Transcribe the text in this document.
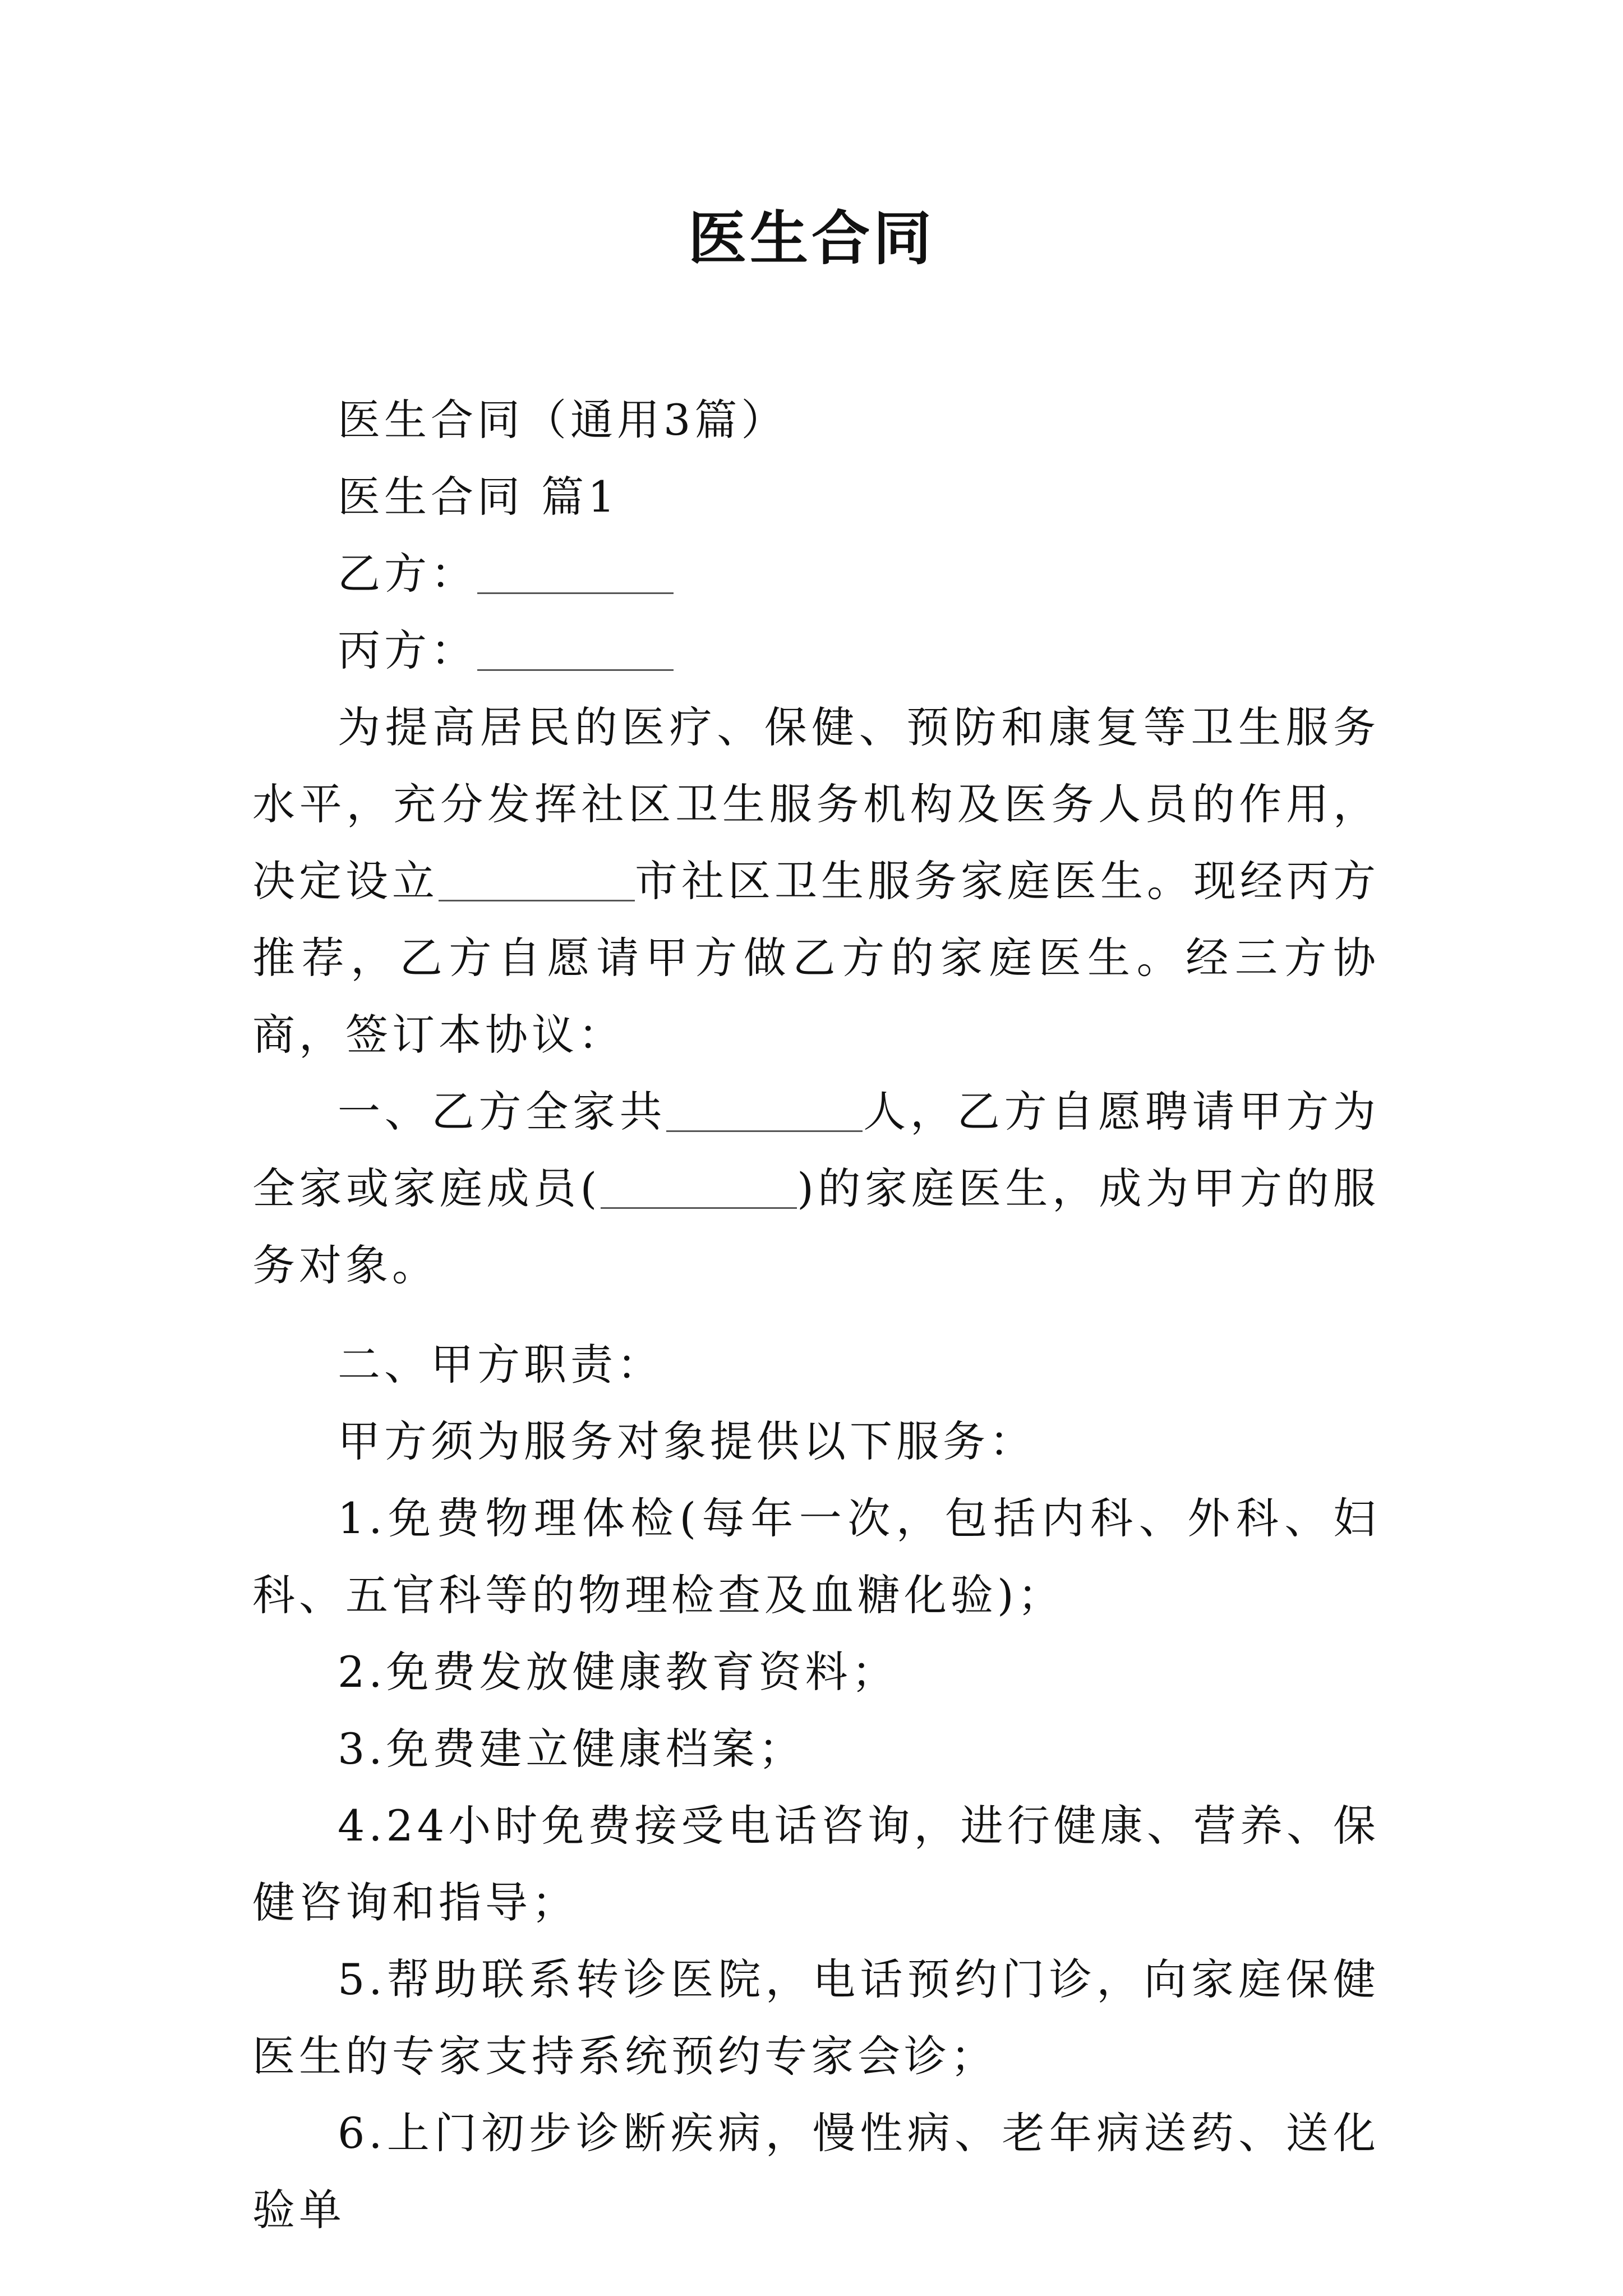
医生合同

医生合同（通用3篇）

医生合同 篇1

乙方：

丙方：

为提高居民的医疗、保健、预防和康复等卫生服务水平，充分发挥社区卫生服务机构及医务人员的作用，决定设立	市社区卫生服务家庭医生。现经丙方推荐，乙方自愿请甲方做乙方的家庭医生。经三方协商，签订本协议：

一、乙方全家共	人，乙方自愿聘请甲方为全家或家庭成员(	)的家庭医生，成为甲方的服务对象。

二、甲方职责：

甲方须为服务对象提供以下服务：

1.免费物理体检(每年一次，包括内科、外科、妇科、五官科等的物理检查及血糖化验)；

2.免费发放健康教育资料；

3.免费建立健康档案；

4.24小时免费接受电话咨询，进行健康、营养、保健咨询和指导；

5.帮助联系转诊医院，电话预约门诊，向家庭保健医生的专家支持系统预约专家会诊；

6.上门初步诊断疾病，慢性病、老年病送药、送化验单
